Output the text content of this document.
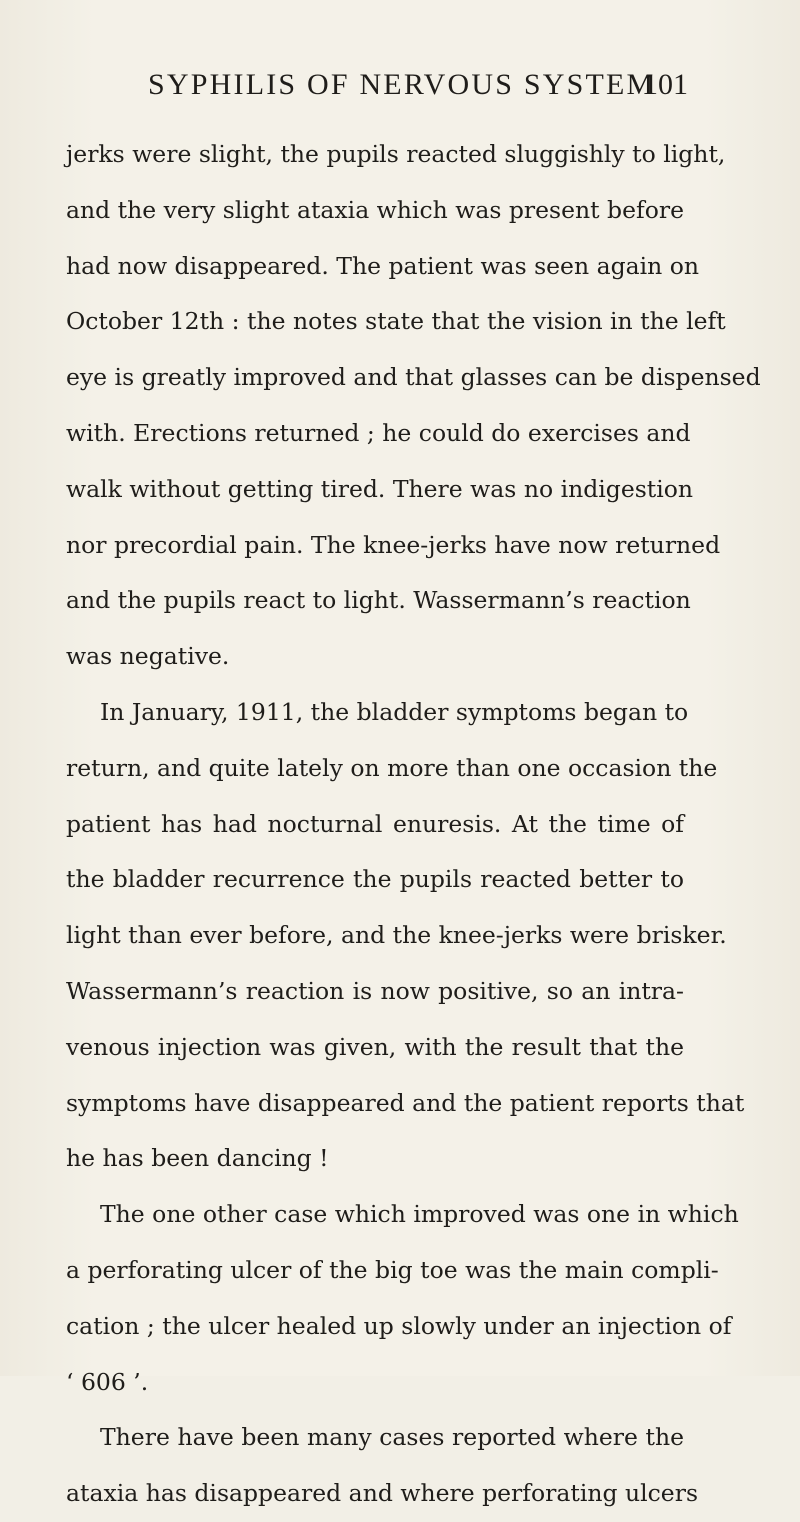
SYPHILIS OF NERVOUS SYSTEM
101
jerks were slight, the pupils reacted sluggishly to light,
and the very slight ataxia which was present before
had now disappeared. The patient was seen again on
October 12th : the notes state that the vision in the left
eye is greatly improved and that glasses can be dispensed
with. Erections returned ; he could do exercises and
walk without getting tired. There was no indigestion
nor precordial pain. The knee-jerks have now returned
and the pupils react to light. Wassermann’s reaction
was negative.
In January, 1911, the bladder symptoms began to
return, and quite lately on more than one occasion the
patient has had nocturnal enuresis. At the time of
the bladder recurrence the pupils reacted better to
light than ever before, and the knee-jerks were brisker.
Wassermann’s reaction is now positive, so an intra-
venous injection was given, with the result that the
symptoms have disappeared and the patient reports that
he has been dancing !
The one other case which improved was one in which
a perforating ulcer of the big toe was the main compli-
cation ; the ulcer healed up slowly under an injection of
‘ 606 ’.
There have been many cases reported where the
ataxia has disappeared and where perforating ulcers
